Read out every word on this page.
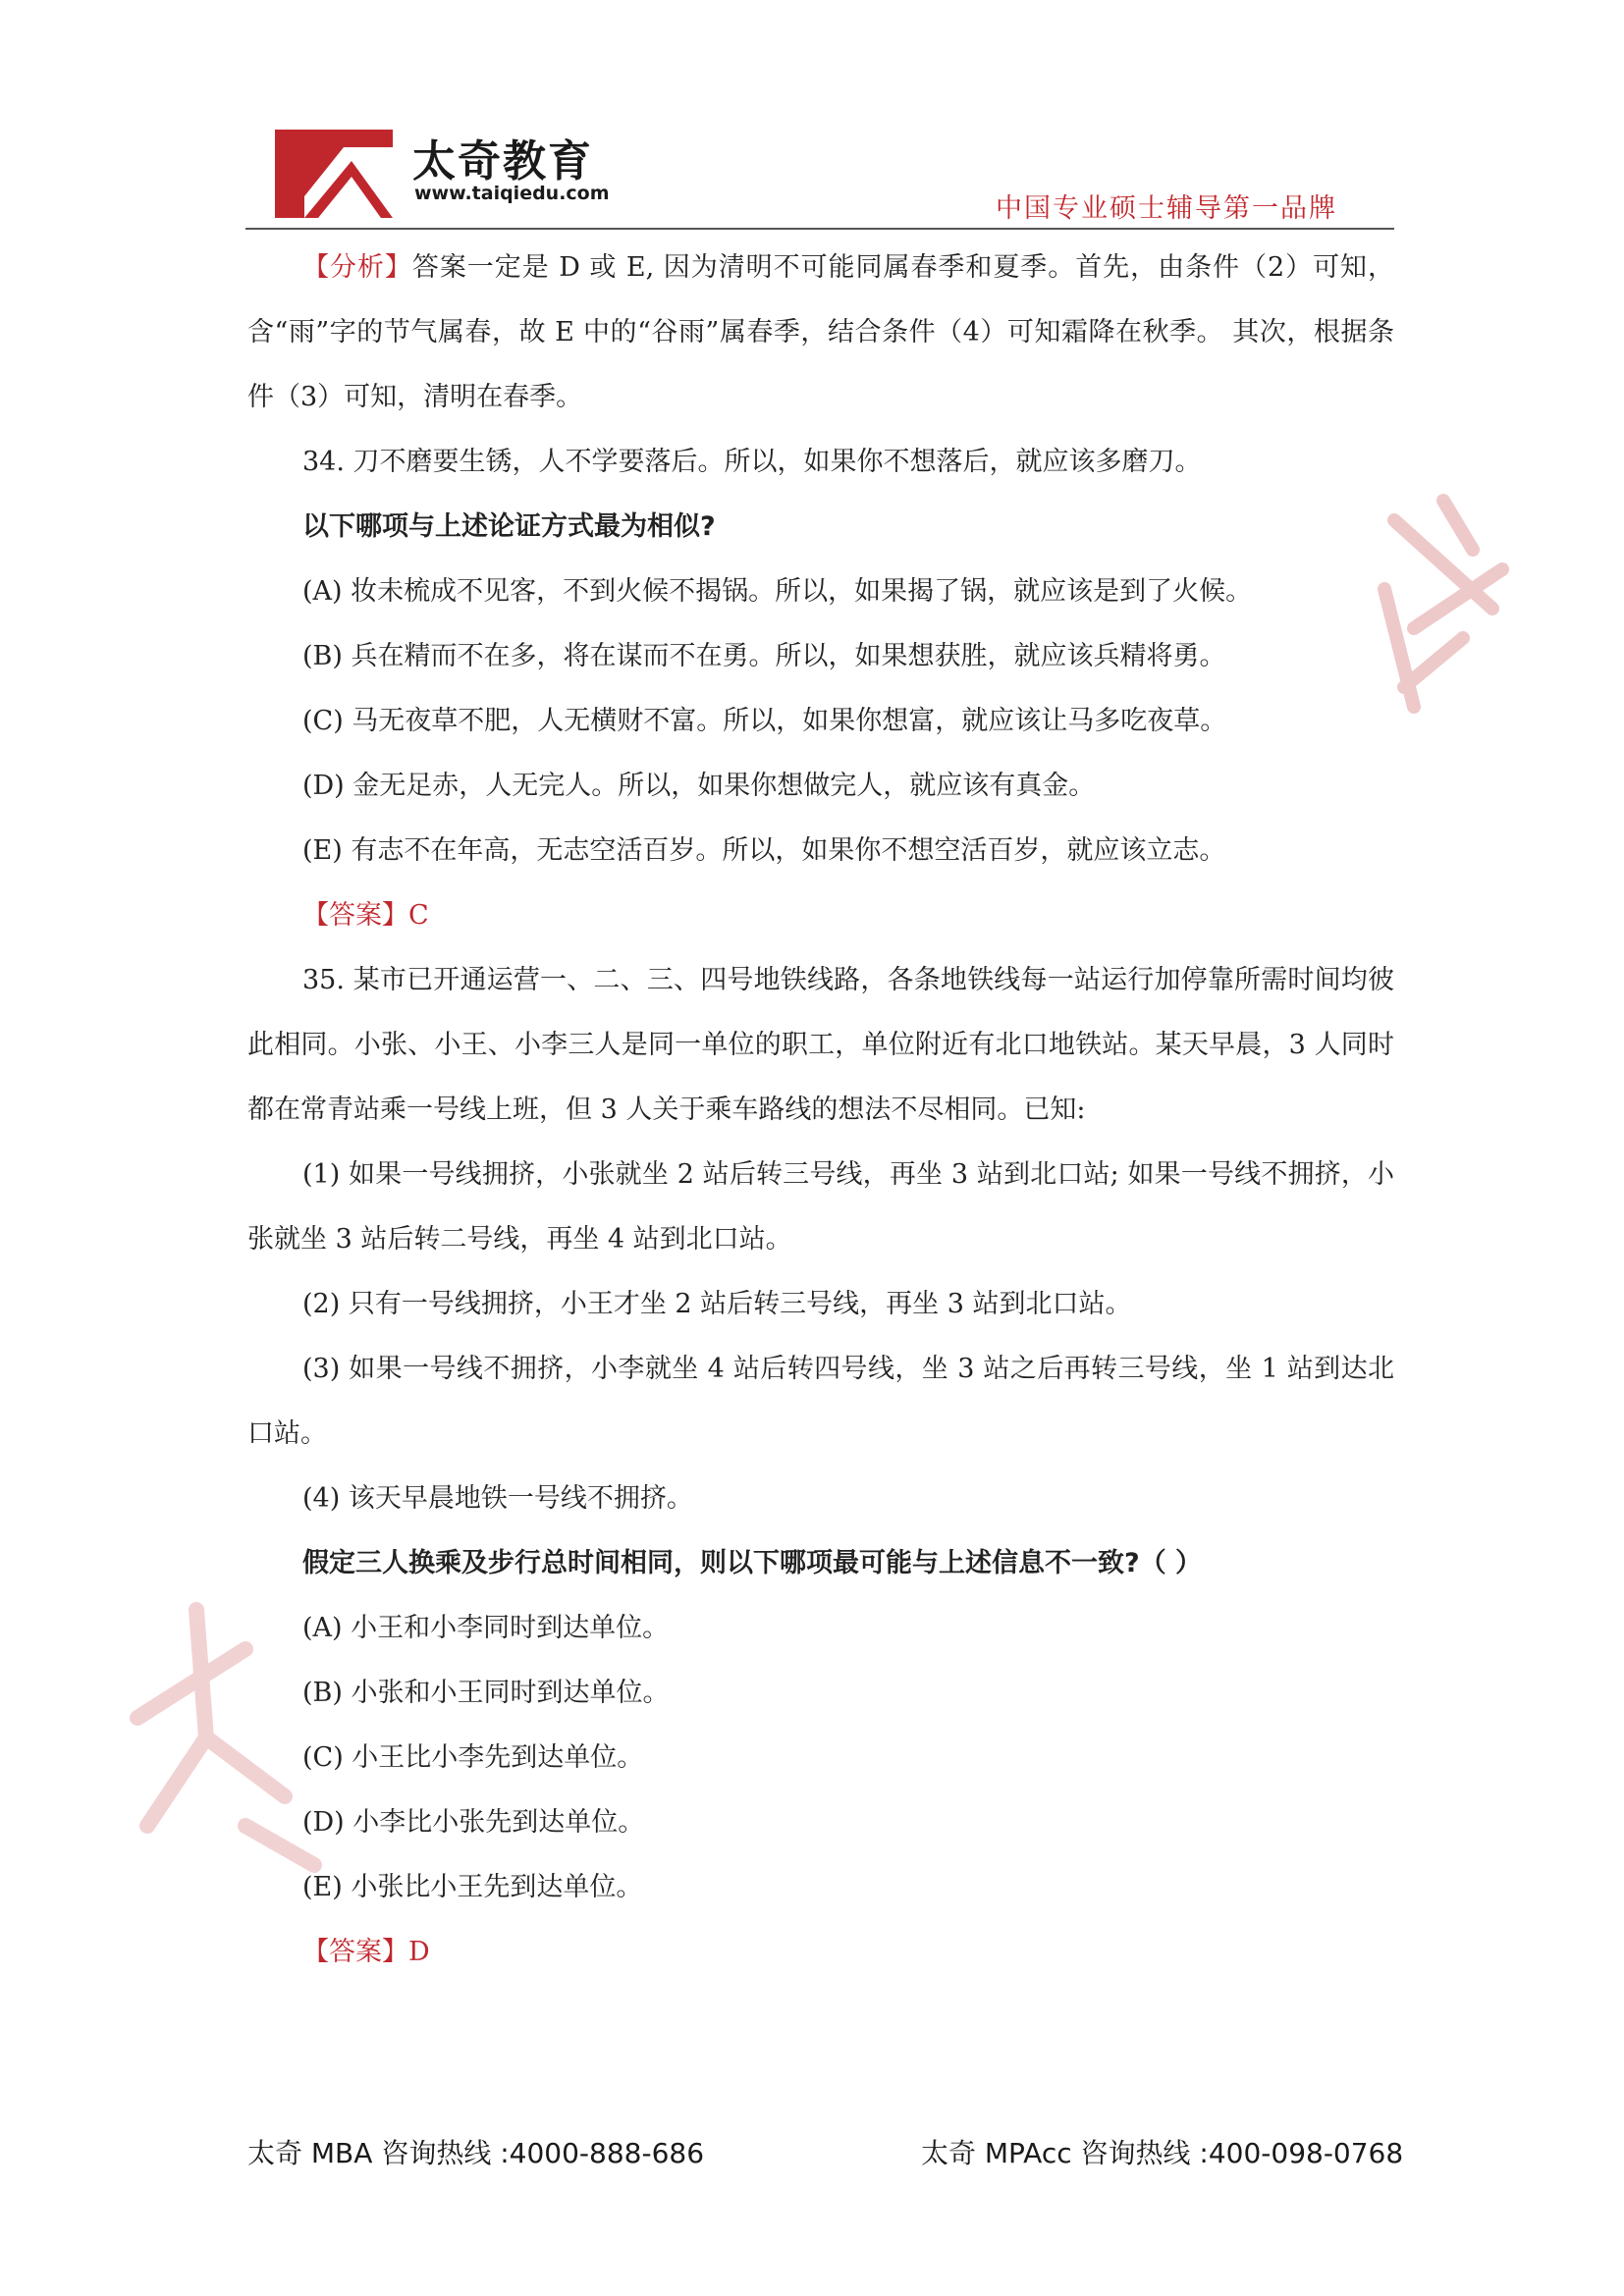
太奇教育
www.taiqiedu.com	中国专业硕士辅导第一品牌

【分析】答案一定是 D 或 E, 因为清明不可能同属春季和夏季。首先，由条件（2）可知，含“雨”字的节气属春，故 E 中的“谷雨”属春季，结合条件（4）可知霜降在秋季。 其次，根据条件（3）可知，清明在春季。

34. 刀不磨要生锈，人不学要落后。所以，如果你不想落后，就应该多磨刀。

以下哪项与上述论证方式最为相似?

(A) 妆未梳成不见客，不到火候不揭锅。所以，如果揭了锅，就应该是到了火候。

(B) 兵在精而不在多，将在谋而不在勇。所以，如果想获胜，就应该兵精将勇。

(C) 马无夜草不肥，人无横财不富。所以，如果你想富，就应该让马多吃夜草。

(D) 金无足赤，人无完人。所以，如果你想做完人，就应该有真金。

(E) 有志不在年高，无志空活百岁。所以，如果你不想空活百岁，就应该立志。

【答案】C

35. 某市已开通运营一、二、三、四号地铁线路，各条地铁线每一站运行加停靠所需时间均彼此相同。小张、小王、小李三人是同一单位的职工，单位附近有北口地铁站。某天早晨，3 人同时都在常青站乘一号线上班，但 3 人关于乘车路线的想法不尽相同。已知:

(1) 如果一号线拥挤，小张就坐 2 站后转三号线，再坐 3 站到北口站; 如果一号线不拥挤，小张就坐 3 站后转二号线，再坐 4 站到北口站。

(2) 只有一号线拥挤，小王才坐 2 站后转三号线，再坐 3 站到北口站。

(3) 如果一号线不拥挤，小李就坐 4 站后转四号线，坐 3 站之后再转三号线，坐 1 站到达北口站。

(4) 该天早晨地铁一号线不拥挤。

假定三人换乘及步行总时间相同，则以下哪项最可能与上述信息不一致?（ ）

(A) 小王和小李同时到达单位。

(B) 小张和小王同时到达单位。

(C) 小王比小李先到达单位。

(D) 小李比小张先到达单位。

(E) 小张比小王先到达单位。

【答案】D

太奇 MBA 咨询热线 :4000-888-686	太奇 MPAcc 咨询热线 :400-098-0768
